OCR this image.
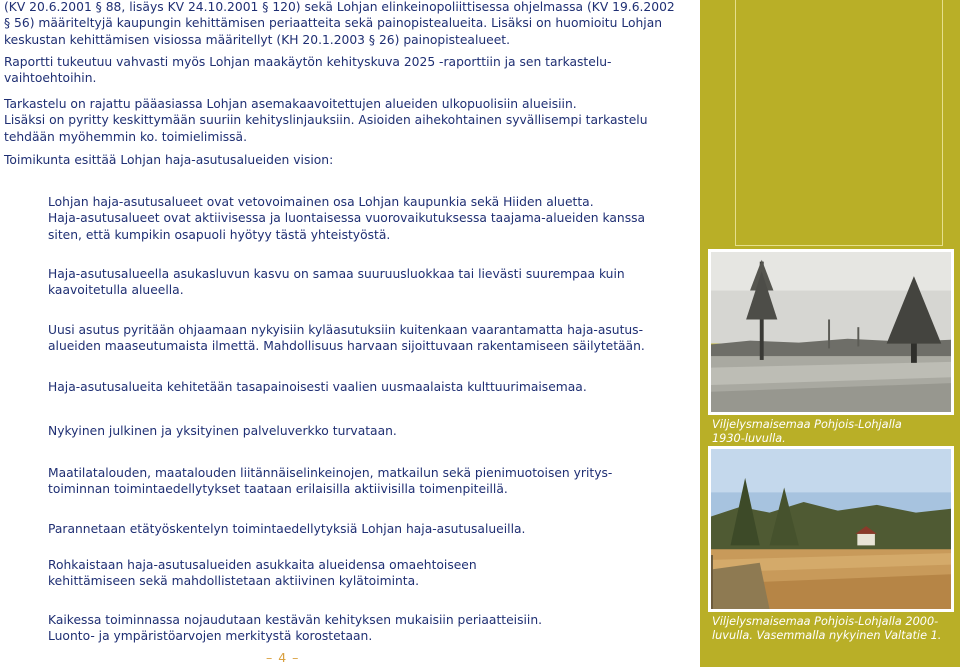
(KV 20.6.2001 § 88, lisäys KV 24.10.2001 § 120) sekä Lohjan elinkeinopoliittisessa ohjelmassa (KV 19.6.2002
§ 56) määriteltyjä kaupungin kehittämisen periaatteita sekä painopistealueita. Lisäksi on huomioitu Lohjan
keskustan kehittämisen visiossa määritellyt (KH 20.1.2003 § 26) painopistealueet.

Raportti tukeutuu vahvasti myös Lohjan maakäytön kehityskuva 2025 -raporttiin ja sen tarkastelu-
vaihtoehtoihin.

Tarkastelu on rajattu pääasiassa Lohjan asemakaavoitettujen alueiden ulkopuolisiin alueisiin.
Lisäksi on pyritty keskittymään suuriin kehityslinjauksiin. Asioiden aihekohtainen syvällisempi tarkastelu
tehdään myöhemmin ko. toimielimissä.

Toimikunta esittää Lohjan haja-asutusalueiden vision:

Lohjan haja-asutusalueet ovat vetovoimainen osa Lohjan kaupunkia sekä Hiiden aluetta.
Haja-asutusalueet ovat aktiivisessa ja luontaisessa vuorovaikutuksessa taajama-alueiden kanssa
siten, että kumpikin osapuoli hyötyy tästä yhteistyöstä.

Haja-asutusalueella asukasluvun kasvu on samaa suuruusluokkaa tai lievästi suurempaa kuin
kaavoitetulla alueella.

Uusi asutus pyritään ohjaamaan nykyisiin kyläasutuksiin kuitenkaan vaarantamatta haja-asutus-
alueiden maaseutumaista ilmettä. Mahdollisuus harvaan sijoittuvaan rakentamiseen säilytetään.

Haja-asutusalueita kehitetään tasapainoisesti vaalien uusmaalaista kulttuurimaisemaa.

Nykyinen julkinen ja yksityinen palveluverkko turvataan.

Maatilatalouden, maatalouden liitännäiselinkeinojen, matkailun sekä pienimuotoisen yritys-
toiminnan toimintaedellytykset taataan erilaisilla aktiivisilla toimenpiteillä.

Parannetaan etätyöskentelyn toimintaedellytyksiä Lohjan haja-asutusalueilla.

Rohkaistaan haja-asutusalueiden asukkaita alueidensa omaehtoiseen
kehittämiseen sekä mahdollistetaan aktiivinen kylätoiminta.

Kaikessa toiminnassa nojaudutaan kestävän kehityksen mukaisiin periaatteisiin.
Luonto- ja ympäristöarvojen merkitystä korostetaan.

– 4 –

Viljelysmaisemaa Pohjois-Lohjalla
1930-luvulla.

Viljelysmaisemaa Pohjois-Lohjalla 2000-
luvulla. Vasemmalla nykyinen Valtatie 1.
